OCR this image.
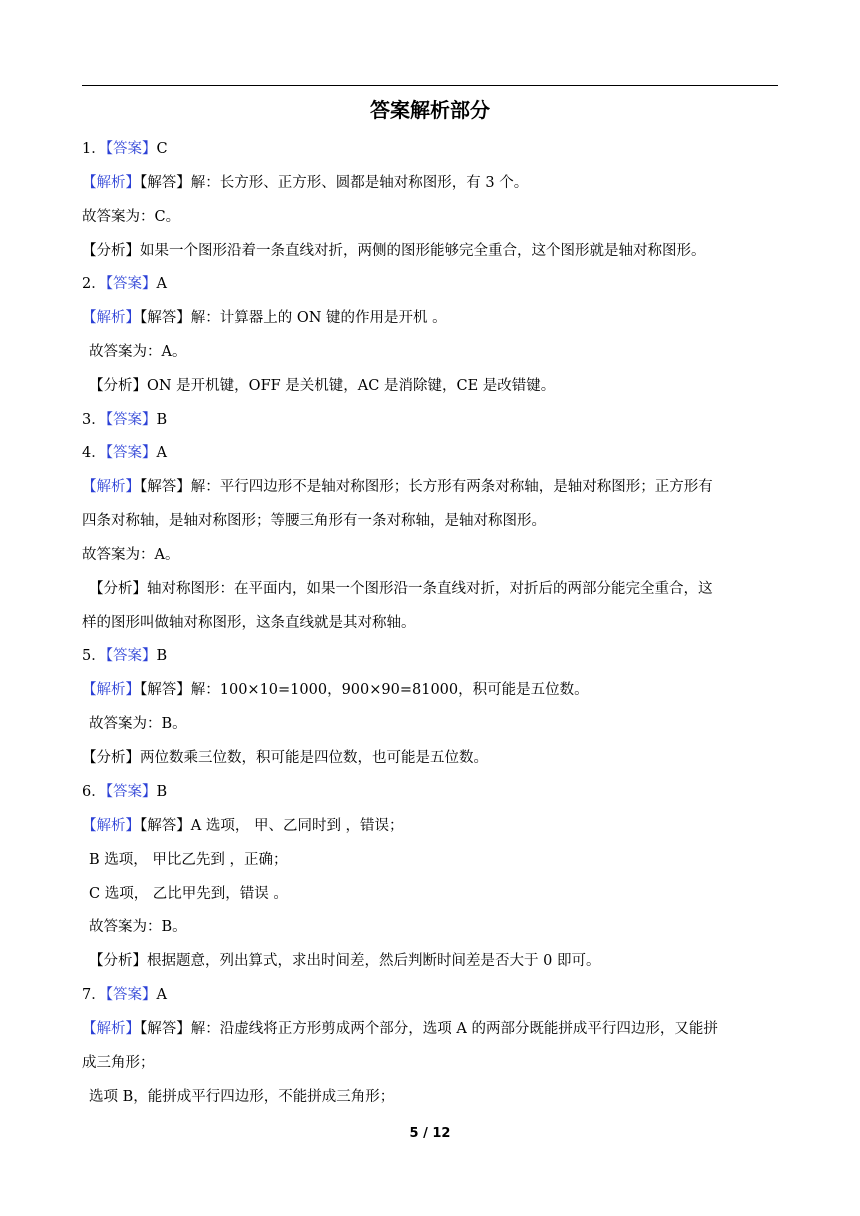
答案解析部分
1．【答案】C
【解析】【解答】解：长方形、正方形、圆都是轴对称图形，有 3 个。
故答案为：C。
【分析】如果一个图形沿着一条直线对折，两侧的图形能够完全重合，这个图形就是轴对称图形。
2．【答案】A
【解析】【解答】解：计算器上的 ON 键的作用是开机 。
故答案为：A。
【分析】ON 是开机键，OFF 是关机键，AC 是消除键，CE 是改错键。
3．【答案】B
4．【答案】A
【解析】【解答】解：平行四边形不是轴对称图形；长方形有两条对称轴，是轴对称图形；正方形有
四条对称轴，是轴对称图形；等腰三角形有一条对称轴，是轴对称图形。
故答案为：A。
【分析】轴对称图形：在平面内，如果一个图形沿一条直线对折，对折后的两部分能完全重合，这
样的图形叫做轴对称图形，这条直线就是其对称轴。
5．【答案】B
【解析】【解答】解：100×10=1000，900×90=81000，积可能是五位数。
故答案为：B。
【分析】两位数乘三位数，积可能是四位数，也可能是五位数。
6．【答案】B
【解析】【解答】A 选项， 甲、乙同时到 ，错误；
B 选项， 甲比乙先到 ，正确；
C 选项， 乙比甲先到，错误 。
故答案为：B。
【分析】根据题意，列出算式，求出时间差，然后判断时间差是否大于 0 即可。
7．【答案】A
【解析】【解答】解：沿虚线将正方形剪成两个部分，选项 A 的两部分既能拼成平行四边形，又能拼
成三角形；
选项 B，能拼成平行四边形，不能拼成三角形；
5 / 12
